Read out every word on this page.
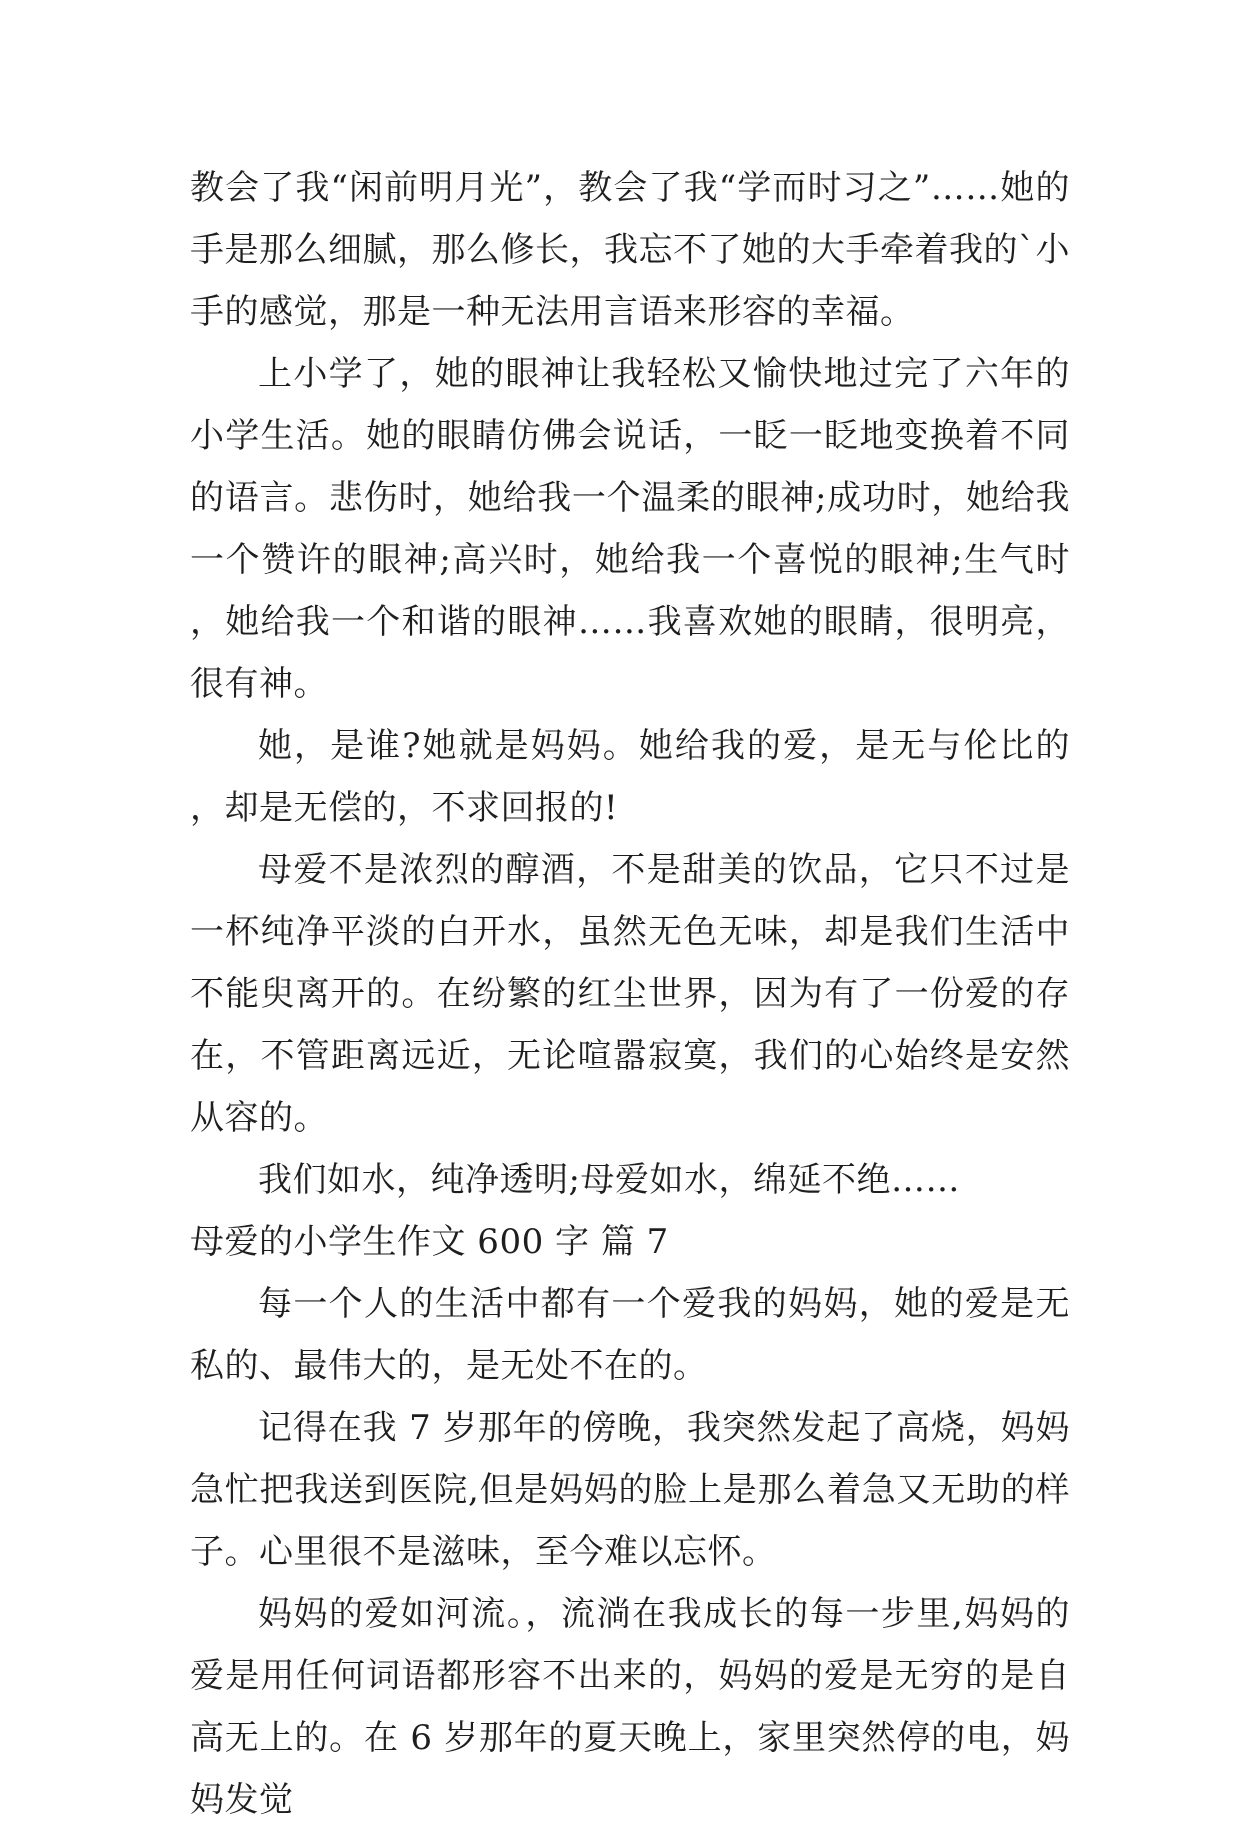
教会了我“闲前明月光”，教会了我“学而时习之”……她的手是那么细腻，那么修长，我忘不了她的大手牵着我的`小手的感觉，那是一种无法用言语来形容的幸福。

上小学了，她的眼神让我轻松又愉快地过完了六年的小学生活。她的眼睛仿佛会说话，一眨一眨地变换着不同的语言。悲伤时，她给我一个温柔的眼神;成功时，她给我一个赞许的眼神;高兴时，她给我一个喜悦的眼神;生气时，她给我一个和谐的眼神……我喜欢她的眼睛，很明亮，很有神。

她，是谁?她就是妈妈。她给我的爱，是无与伦比的，却是无偿的，不求回报的!

母爱不是浓烈的醇酒，不是甜美的饮品，它只不过是一杯纯净平淡的白开水，虽然无色无味，却是我们生活中不能臾离开的。在纷繁的红尘世界，因为有了一份爱的存在，不管距离远近，无论喧嚣寂寞，我们的心始终是安然从容的。

我们如水，纯净透明;母爱如水，绵延不绝……

母爱的小学生作文 600 字 篇 7

每一个人的生活中都有一个爱我的妈妈，她的爱是无私的、最伟大的，是无处不在的。

记得在我 7 岁那年的傍晚，我突然发起了高烧，妈妈急忙把我送到医院,但是妈妈的脸上是那么着急又无助的样子。心里很不是滋味，至今难以忘怀。

妈妈的爱如河流。，流淌在我成长的每一步里,妈妈的爱是用任何词语都形容不出来的，妈妈的爱是无穷的是自高无上的。在 6 岁那年的夏天晚上，家里突然停的电，妈妈发觉
